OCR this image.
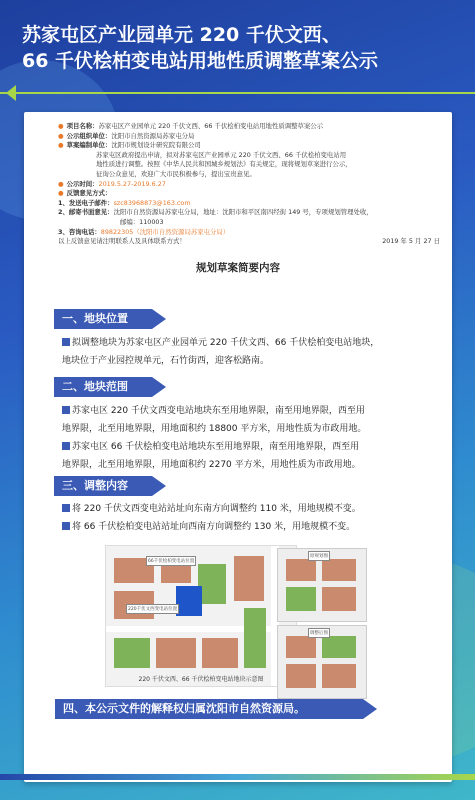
苏家屯区产业园单元 220 千伏文西、
66 千伏桧柏变电站用地性质调整草案公示
● 项目名称： 苏家屯区产业园单元 220 千伏文西、66 千伏桧柏变电站用地性质调整草案公示
● 公示组织单位： 沈阳市自然资源局苏家屯分局
● 草案编制单位： 沈阳市规划设计研究院有限公司
苏家屯区政府提出申请，拟对苏家屯区产业园单元 220 千伏文西、66 千伏桧柏变电站用
地性质进行调整。按照《中华人民共和国城乡规划法》有关规定，现将规划草案进行公示，
征询公众意见，欢迎广大市民积极参与，提出宝贵意见。
● 公示时间： 2019.5.27-2019.6.27
● 反馈意见方式：
1、发送电子邮件： szc83968873@163.com
2、邮寄书面意见： 沈阳市自然资源局苏家屯分局，地址：沈阳市和平区南四经街 149 号，专项规划管理处收，
邮编：110003
3、咨询电话： 89822305（沈阳市自然资源局苏家屯分局）
以上反馈意见请注明联系人及具体联系方式！	2019 年 5 月 27 日
规划草案简要内容
一、地块位置
拟调整地块为苏家屯区产业园单元 220 千伏文西、66 千伏桧柏变电站地块，
地块位于产业园控规单元，石竹街西，迎客松路南。
二、地块范围
苏家屯区 220 千伏文西变电站地块东至用地界限，南至用地界限，西至用
地界限，北至用地界限，用地面积约 18800 平方米，用地性质为市政用地。
苏家屯区 66 千伏桧柏变电站地块东至用地界限，南至用地界限，西至用
地界限，北至用地界限，用地面积约 2270 平方米，用地性质为市政用地。
三、调整内容
将 220 千伏文西变电站站址向东南方向调整约 110 米，用地规模不变。
将 66 千伏桧柏变电站站址向西南方向调整约 130 米，用地规模不变。
66千伏桧柏变电站位置
220千伏文西变电站位置
220 千伏文西、66 千伏桧柏变电站地块示意图
原规划图
调整后图
四、本公示文件的解释权归属沈阳市自然资源局。
